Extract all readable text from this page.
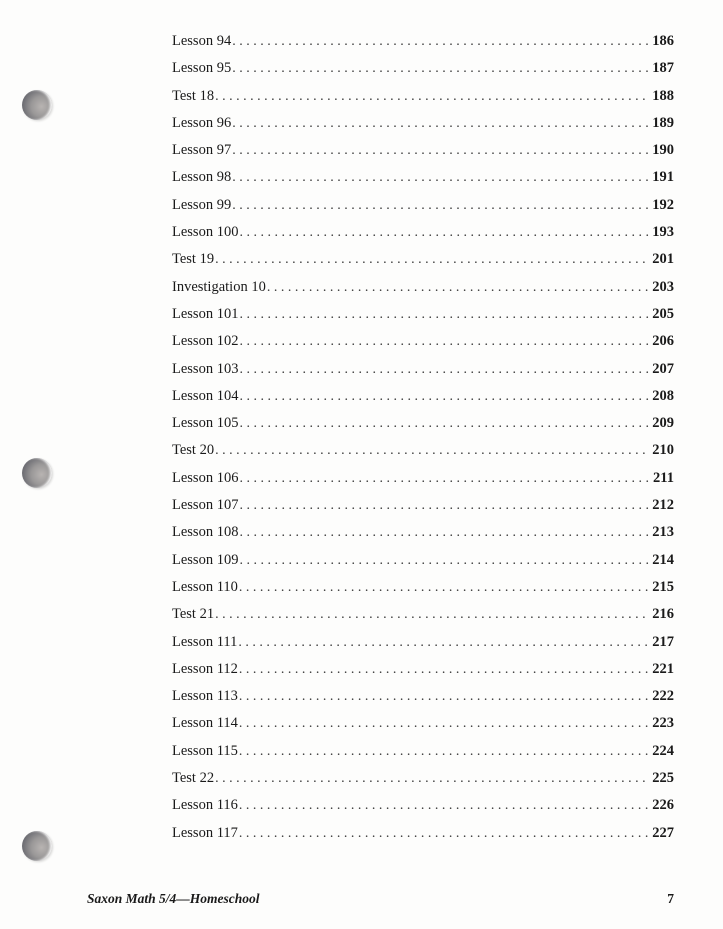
Lesson 94 . . .	186
Lesson 95 . . .	187
Test 18 . . .	188
Lesson 96 . . .	189
Lesson 97 . . .	190
Lesson 98 . . .	191
Lesson 99 . . .	192
Lesson 100 . . .	193
Test 19 . . .	201
Investigation 10 . . .	203
Lesson 101 . . .	205
Lesson 102 . . .	206
Lesson 103 . . .	207
Lesson 104 . . .	208
Lesson 105 . . .	209
Test 20 . . .	210
Lesson 106 . . .	211
Lesson 107 . . .	212
Lesson 108 . . .	213
Lesson 109 . . .	214
Lesson 110 . . .	215
Test 21 . . .	216
Lesson 111 . . .	217
Lesson 112 . . .	221
Lesson 113 . . .	222
Lesson 114 . . .	223
Lesson 115 . . .	224
Test 22 . . .	225
Lesson 116 . . .	226
Lesson 117 . . .	227
Saxon Math 5/4—Homeschool	7
